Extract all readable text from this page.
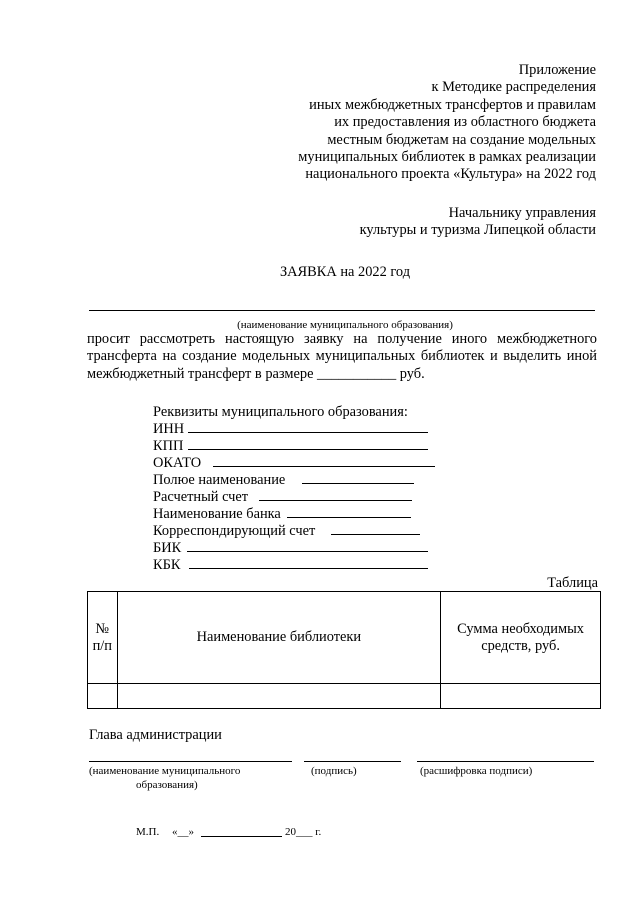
Приложение
к Методике распределения
иных межбюджетных трансфертов и правилам
их предоставления из областного бюджета
местным бюджетам на создание модельных
муниципальных библиотек в рамках реализации
национального проекта «Культура» на 2022 год
Начальнику управления
культуры и туризма Липецкой области
ЗАЯВКА на 2022 год
(наименование муниципального образования)
просит рассмотреть настоящую заявку на получение иного межбюджетного трансферта на создание модельных муниципальных библиотек и выделить иной межбюджетный трансферт в размере ___________ руб.
Реквизиты муниципального образования:
ИНН
КПП
ОКАТО
Полюе наименование
Расчетный счет
Наименование банка
Корреспондирующий счет
БИК
КБК
Таблица
№ п/п	Наименование библиотеки	Сумма необходимых средств, руб.

Глава администрации
(наименование муниципального
образования)
(подпись)	(расшифровка подписи)
М.П. «__»	20___ г.
